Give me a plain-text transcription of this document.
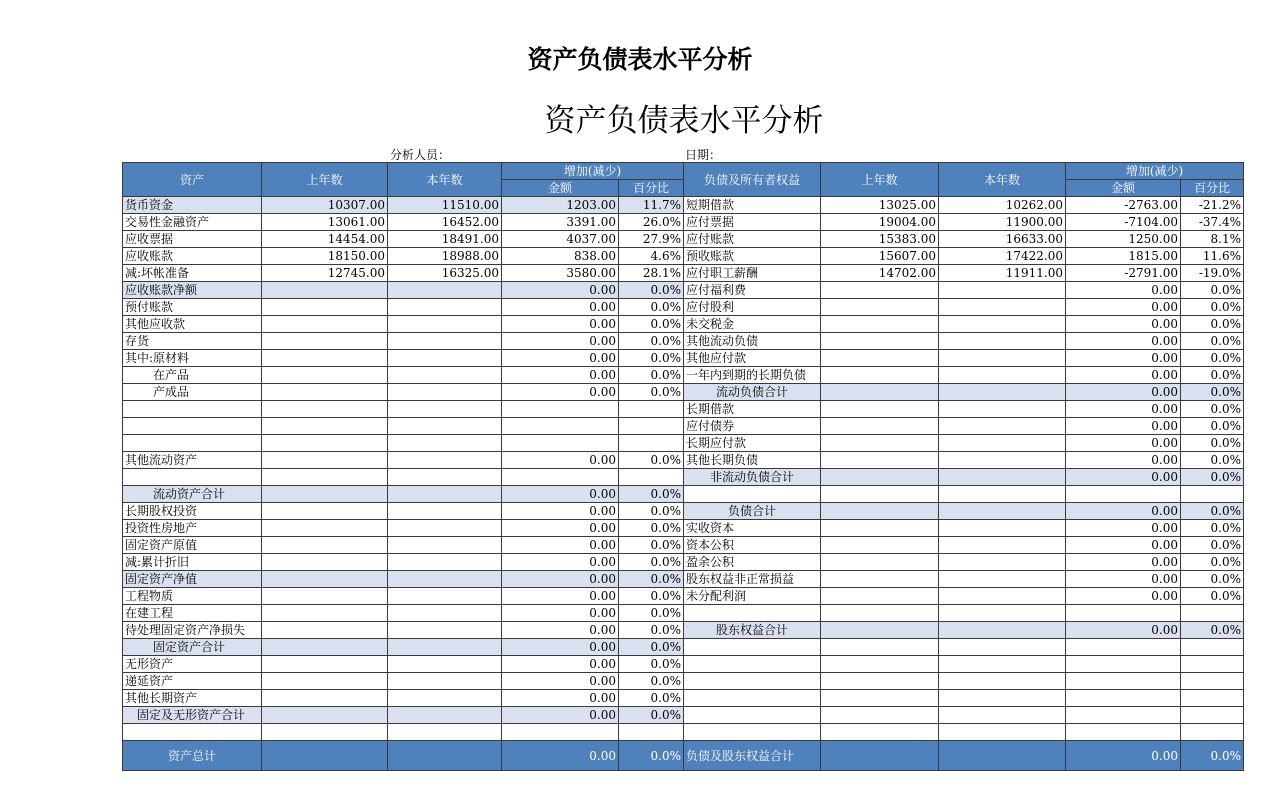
资产负债表水平分析
资产负债表水平分析
分析人员：	日期：
资产	上年数	本年数	增加(减少)		负债及所有者权益	上年数	本年数	增加(减少)	
			金额	百分比				金额	百分比
货币资金	10307.00	11510.00	1203.00	11.7%	短期借款	13025.00	10262.00	-2763.00	-21.2%
交易性金融资产	13061.00	16452.00	3391.00	26.0%	应付票据	19004.00	11900.00	-7104.00	-37.4%
应收票据	14454.00	18491.00	4037.00	27.9%	应付账款	15383.00	16633.00	1250.00	8.1%
应收账款	18150.00	18988.00	838.00	4.6%	预收账款	15607.00	17422.00	1815.00	11.6%
减:坏帐准备	12745.00	16325.00	3580.00	28.1%	应付职工薪酬	14702.00	11911.00	-2791.00	-19.0%
应收账款净额			0.00	0.0%	应付福利费			0.00	0.0%
预付账款			0.00	0.0%	应付股利			0.00	0.0%
其他应收款			0.00	0.0%	未交税金			0.00	0.0%
存货			0.00	0.0%	其他流动负债			0.00	0.0%
其中:原材料			0.00	0.0%	其他应付款			0.00	0.0%
在产品			0.00	0.0%	一年内到期的长期负债			0.00	0.0%
产成品			0.00	0.0%	流动负债合计			0.00	0.0%
					长期借款			0.00	0.0%
					应付债券			0.00	0.0%
					长期应付款			0.00	0.0%
其他流动资产			0.00	0.0%	其他长期负债			0.00	0.0%
					非流动负债合计			0.00	0.0%
流动资产合计			0.00	0.0%					
长期股权投资			0.00	0.0%	负债合计			0.00	0.0%
投资性房地产			0.00	0.0%	实收资本			0.00	0.0%
固定资产原值			0.00	0.0%	资本公积			0.00	0.0%
减:累计折旧			0.00	0.0%	盈余公积			0.00	0.0%
固定资产净值			0.00	0.0%	股东权益非正常损益			0.00	0.0%
工程物质			0.00	0.0%	未分配利润			0.00	0.0%
在建工程			0.00	0.0%					
待处理固定资产净损失			0.00	0.0%	股东权益合计			0.00	0.0%
固定资产合计			0.00	0.0%					
无形资产			0.00	0.0%					
递延资产			0.00	0.0%					
其他长期资产			0.00	0.0%					
固定及无形资产合计			0.00	0.0%					

资产总计			0.00	0.0%	负债及股东权益合计			0.00	0.0%
